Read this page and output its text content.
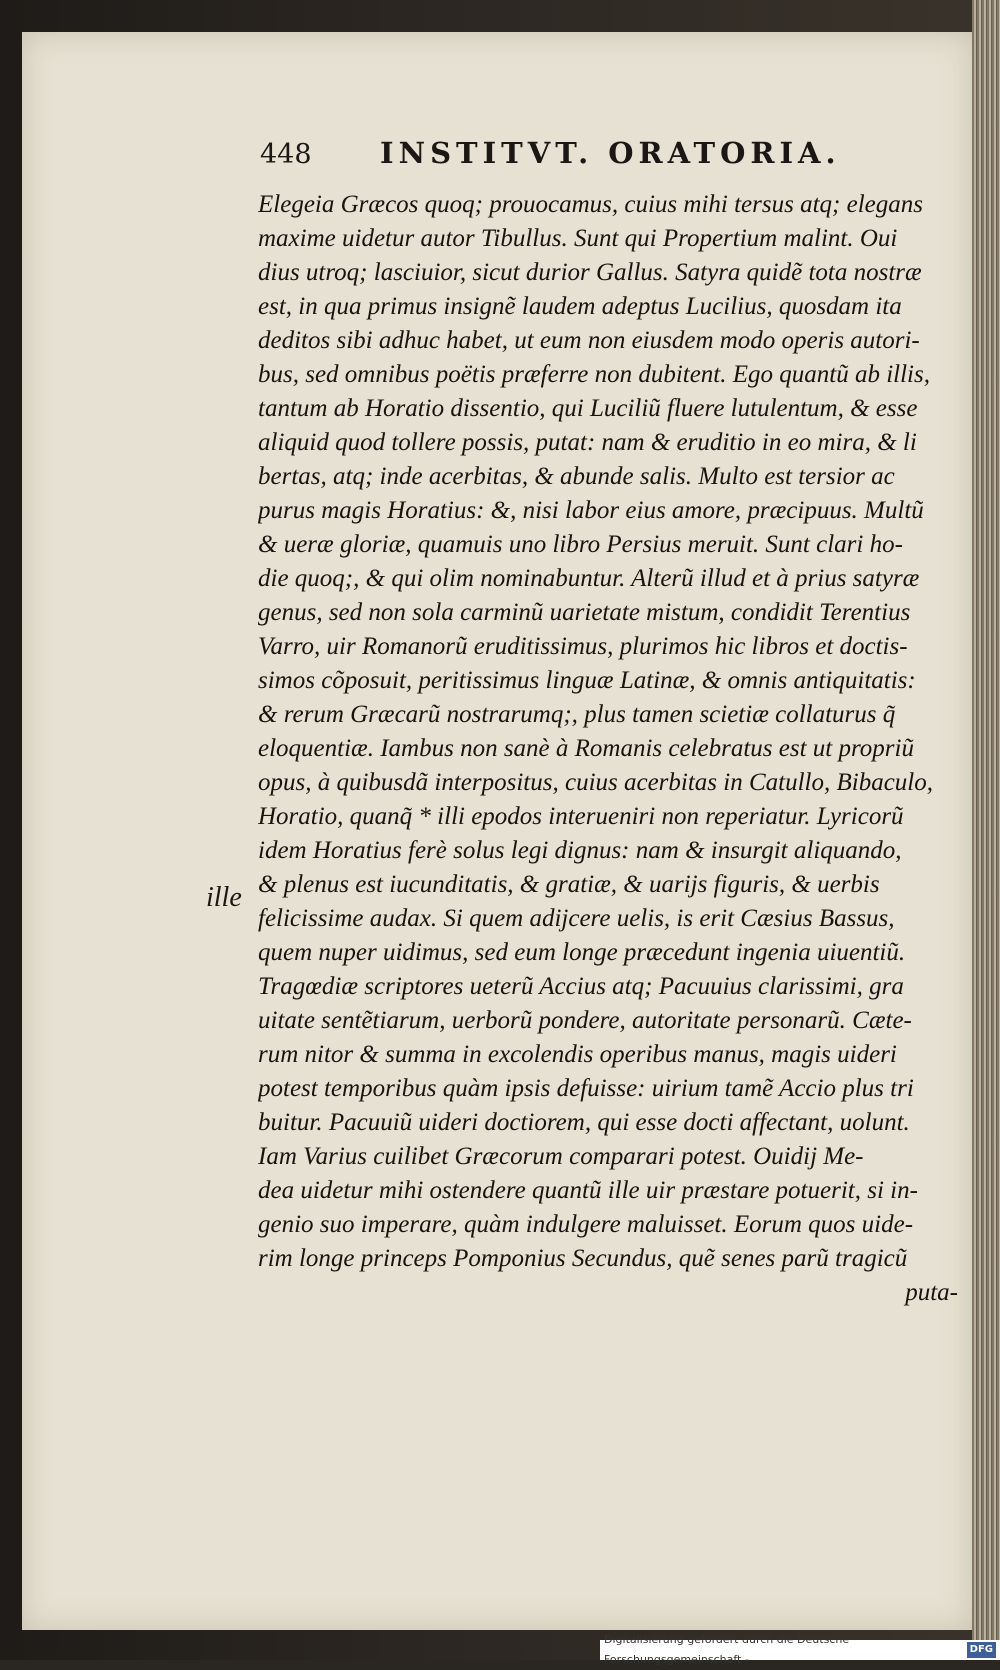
448	INSTITVT. ORATORIA.
ille
Elegeia Græcos quoq; prouocamus, cuius mihi tersus atq; elegans
maxime uidetur autor Tibullus. Sunt qui Propertium malint. Oui
dius utroq; lasciuior, sicut durior Gallus. Satyra quidẽ tota nostræ
est, in qua primus insignẽ laudem adeptus Lucilius, quosdam ita
deditos sibi adhuc habet, ut eum non eiusdem modo operis autori-
bus, sed omnibus poëtis præferre non dubitent. Ego quantũ ab illis,
tantum ab Horatio dissentio, qui Luciliũ fluere lutulentum, & esse
aliquid quod tollere possis, putat: nam & eruditio in eo mira, & li
bertas, atq; inde acerbitas, & abunde salis. Multo est tersior ac
purus magis Horatius: &, nisi labor eius amore, præcipuus. Multũ
& ueræ gloriæ, quamuis uno libro Persius meruit. Sunt clari ho-
die quoq;, & qui olim nominabuntur. Alterũ illud et à prius satyræ
genus, sed non sola carminũ uarietate mistum, condidit Terentius
Varro, uir Romanorũ eruditissimus, plurimos hic libros et doctis-
simos cõposuit, peritissimus linguæ Latinæ, & omnis antiquitatis:
& rerum Græcarũ nostrarumq;, plus tamen scietiæ collaturus q̃
eloquentiæ. Iambus non sanè à Romanis celebratus est ut propriũ
opus, à quibusdã interpositus, cuius acerbitas in Catullo, Bibaculo,
Horatio, quanq̃ * illi epodos interueniri non reperiatur. Lyricorũ
idem Horatius ferè solus legi dignus: nam & insurgit aliquando,
& plenus est iucunditatis, & gratiæ, & uarijs figuris, & uerbis
felicissime audax. Si quem adijcere uelis, is erit Cæsius Bassus,
quem nuper uidimus, sed eum longe præcedunt ingenia uiuentiũ.
Tragœdiæ scriptores ueterũ Accius atq; Pacuuius clarissimi, gra
uitate sentẽtiarum, uerborũ pondere, autoritate personarũ. Cæte-
rum nitor & summa in excolendis operibus manus, magis uideri
potest temporibus quàm ipsis defuisse: uirium tamẽ Accio plus tri
buitur. Pacuuiũ uideri doctiorem, qui esse docti affectant, uolunt.
Iam Varius cuilibet Græcorum comparari potest. Ouidij Me-
dea uidetur mihi ostendere quantũ ille uir præstare potuerit, si in-
genio suo imperare, quàm indulgere maluisset. Eorum quos uide-
rim longe princeps Pomponius Secundus, quẽ senes parũ tragicũ
puta-
Digitalisierung gefördert durch die Deutsche Forschungsgemeinschaft -
DFG
